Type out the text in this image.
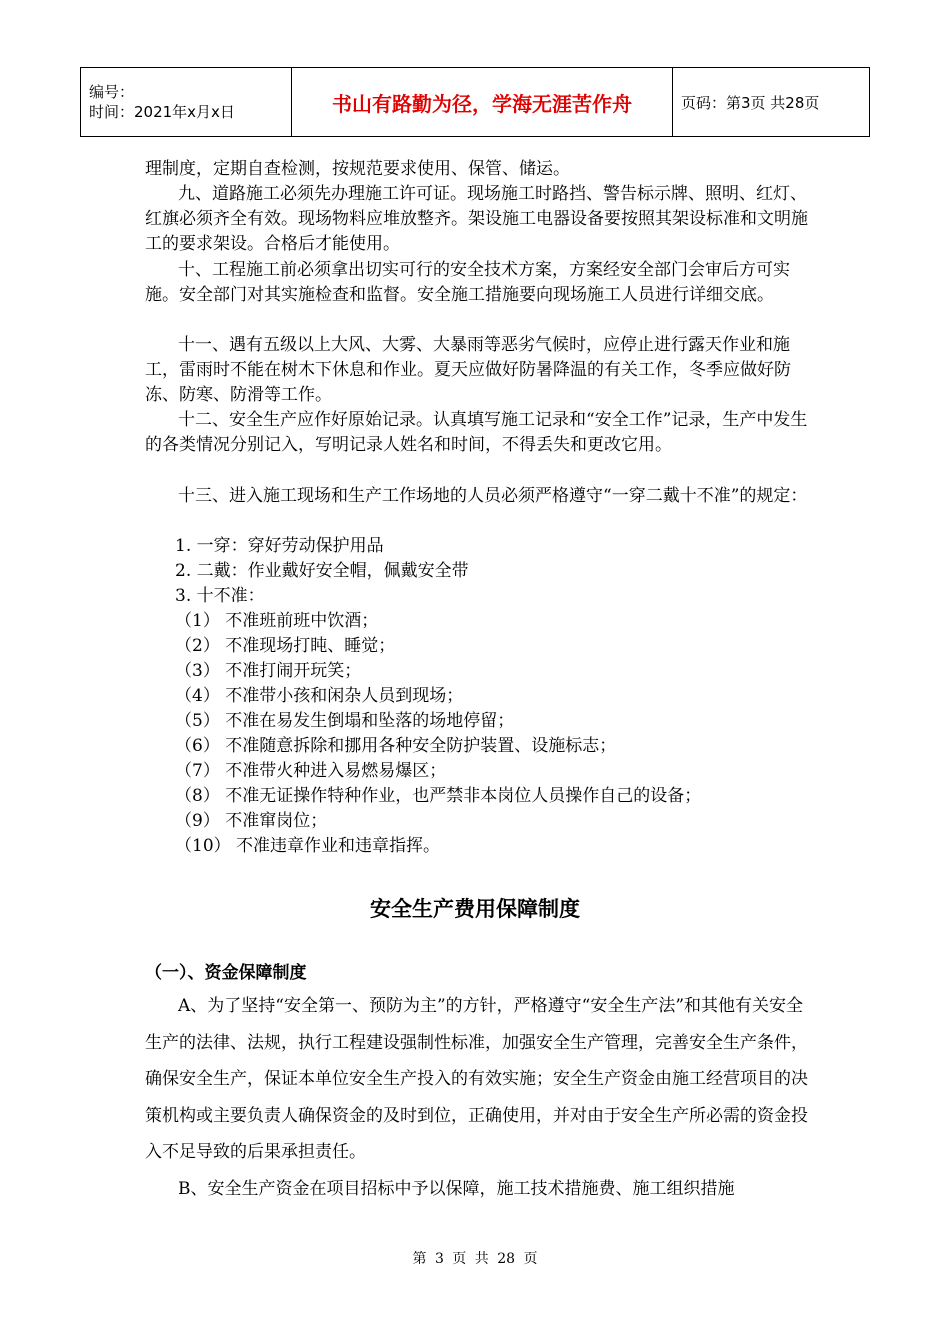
编号：
时间：2021年x月x日	书山有路勤为径，学海无涯苦作舟	页码：第3页 共28页

理制度，定期自查检测，按规范要求使用、保管、储运。

九、道路施工必须先办理施工许可证。现场施工时路挡、警告标示牌、照明、红灯、红旗必须齐全有效。现场物料应堆放整齐。架设施工电器设备要按照其架设标准和文明施工的要求架设。合格后才能使用。

十、工程施工前必须拿出切实可行的安全技术方案，方案经安全部门会审后方可实施。安全部门对其实施检查和监督。安全施工措施要向现场施工人员进行详细交底。

十一、遇有五级以上大风、大雾、大暴雨等恶劣气候时，应停止进行露天作业和施工，雷雨时不能在树木下休息和作业。夏天应做好防暑降温的有关工作，冬季应做好防冻、防寒、防滑等工作。

十二、安全生产应作好原始记录。认真填写施工记录和“安全工作”记录，生产中发生的各类情况分别记入，写明记录人姓名和时间，不得丢失和更改它用。

十三、进入施工现场和生产工作场地的人员必须严格遵守“一穿二戴十不准”的规定：

1. 一穿：穿好劳动保护用品
2. 二戴：作业戴好安全帽，佩戴安全带
3. 十不准：
（1） 不准班前班中饮酒；
（2） 不准现场打盹、睡觉；
（3） 不准打闹开玩笑；
（4） 不准带小孩和闲杂人员到现场；
（5） 不准在易发生倒塌和坠落的场地停留；
（6） 不准随意拆除和挪用各种安全防护装置、设施标志；
（7） 不准带火种进入易燃易爆区；
（8） 不准无证操作特种作业，也严禁非本岗位人员操作自己的设备；
（9） 不准窜岗位；
（10） 不准违章作业和违章指挥。
安全生产费用保障制度
（一）、资金保障制度

A、为了坚持“安全第一、预防为主”的方针，严格遵守“安全生产法”和其他有关安全生产的法律、法规，执行工程建设强制性标准，加强安全生产管理，完善安全生产条件，确保安全生产，保证本单位安全生产投入的有效实施；安全生产资金由施工经营项目的决策机构或主要负责人确保资金的及时到位，正确使用，并对由于安全生产所必需的资金投入不足导致的后果承担责任。

B、安全生产资金在项目招标中予以保障，施工技术措施费、施工组织措施

第 3 页 共 28 页
